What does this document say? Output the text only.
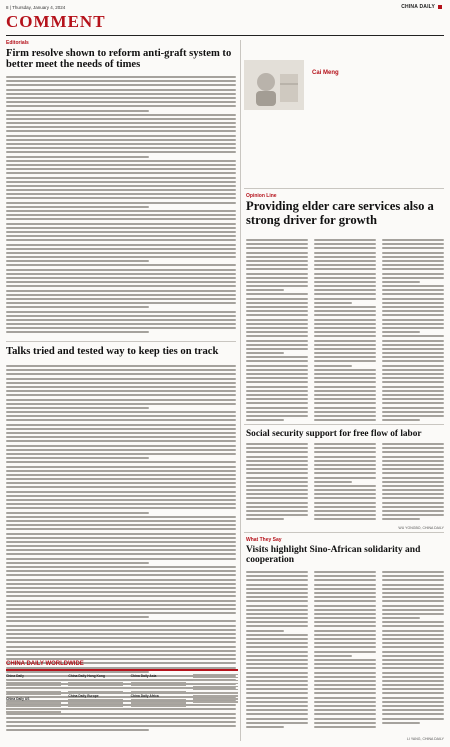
8 | Thursday, January 4, 2024	CHINA DAILY
COMMENT
Editorials
Firm resolve shown to reform anti-graft system to better meet the needs of times
Talks tried and tested way to keep ties on track
Cai Meng
Opinion Line
Providing elder care services also a strong driver for growth
Social security support for free flow of labor
WU YONGBO, CHINA DAILY
What They Say
Visits highlight Sino-African solidarity and cooperation
LI YANG, CHINA DAILY
CHINA DAILY WORLDWIDE
China Daily
China Daily US
China Daily Hong Kong
China Daily Europe
China Daily Asia
China Daily Africa
